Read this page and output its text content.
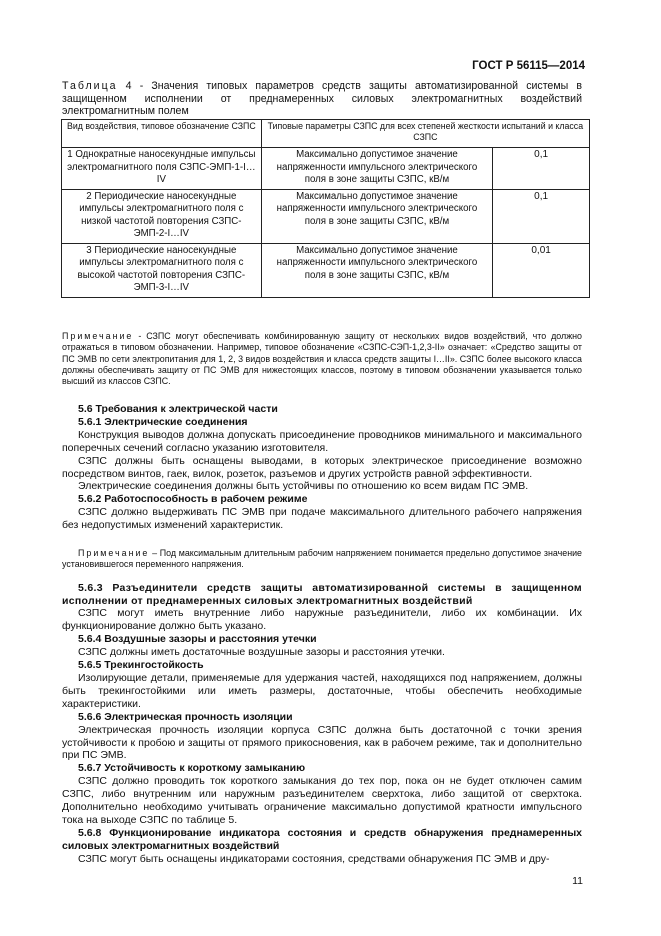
ГОСТ Р 56115—2014
Таблица 4 - Значения типовых параметров средств защиты автоматизированной системы в защищенном исполнении от преднамеренных силовых электромагнитных воздействий электромагнитным полем
Вид воздействия, типовое обозначение СЗПС	Типовые параметры СЗПС для всех степеней жесткости испытаний и класса СЗПС	
1 Однократные наносекундные импульсы электромагнитного поля СЗПС-ЭМП-1-I…IV	Максимально допустимое значение напряженности импульсного электрического поля в зоне защиты СЗПС, кВ/м	0,1
2 Периодические наносекундные импульсы электромагнитного поля с низкой частотой повторения СЗПС-ЭМП-2-I…IV	Максимально допустимое значение напряженности импульсного электрического поля в зоне защиты СЗПС, кВ/м	0,1
3 Периодические наносекундные импульсы электромагнитного поля с высокой частотой повторения СЗПС-ЭМП-3-I…IV	Максимально допустимое значение напряженности импульсного электрического поля в зоне защиты СЗПС, кВ/м	0,01
Примечание - СЗПС могут обеспечивать комбинированную защиту от нескольких видов воздействий, что должно отражаться в типовом обозначении. Например, типовое обозначение «СЗПС-СЭП-1,2,3-II» означает: «Средство защиты от ПС ЭМВ по сети электропитания для 1, 2, 3 видов воздействия и класса средств защиты I…II». СЗПС более высокого класса должны обеспечивать защиту от ПС ЭМВ для нижестоящих классов, поэтому в типовом обозначении указывается только высший из классов СЗПС.

5.6 Требования к электрической части

5.6.1 Электрические соединения

Конструкция выводов должна допускать присоединение проводников минимального и максимального поперечных сечений согласно указанию изготовителя.

СЗПС должны быть оснащены выводами, в которых электрическое присоединение возможно посредством винтов, гаек, вилок, розеток, разъемов и других устройств равной эффективности.

Электрические соединения должны быть устойчивы по отношению ко всем видам ПС ЭМВ.

5.6.2 Работоспособность в рабочем режиме

СЗПС должно выдерживать ПС ЭМВ при подаче максимального длительного рабочего напряжения без недопустимых изменений характеристик.

Примечание – Под максимальным длительным рабочим напряжением понимается предельно допустимое значение установившегося переменного напряжения.

5.6.3 Разъединители средств защиты автоматизированной системы в защищенном исполнении от преднамеренных силовых электромагнитных воздействий

СЗПС могут иметь внутренние либо наружные разъединители, либо их комбинации. Их функционирование должно быть указано.

5.6.4 Воздушные зазоры и расстояния утечки

СЗПС должны иметь достаточные воздушные зазоры и расстояния утечки.

5.6.5 Трекингостойкость

Изолирующие детали, применяемые для удержания частей, находящихся под напряжением, должны быть трекингостойкими или иметь размеры, достаточные, чтобы обеспечить необходимые характеристики.

5.6.6 Электрическая прочность изоляции

Электрическая прочность изоляции корпуса СЗПС должна быть достаточной с точки зрения устойчивости к пробою и защиты от прямого прикосновения, как в рабочем режиме, так и дополнительно при ПС ЭМВ.

5.6.7 Устойчивость к короткому замыканию

СЗПС должно проводить ток короткого замыкания до тех пор, пока он не будет отключен самим СЗПС, либо внутренним или наружным разъединителем сверхтока, либо защитой от сверхтока. Дополнительно необходимо учитывать ограничение максимально допустимой кратности импульсного тока на выходе СЗПС по таблице 5.

5.6.8 Функционирование индикатора состояния и средств обнаружения преднамеренных силовых электромагнитных воздействий

СЗПС могут быть оснащены индикаторами состояния, средствами обнаружения ПС ЭМВ и дру-

11
